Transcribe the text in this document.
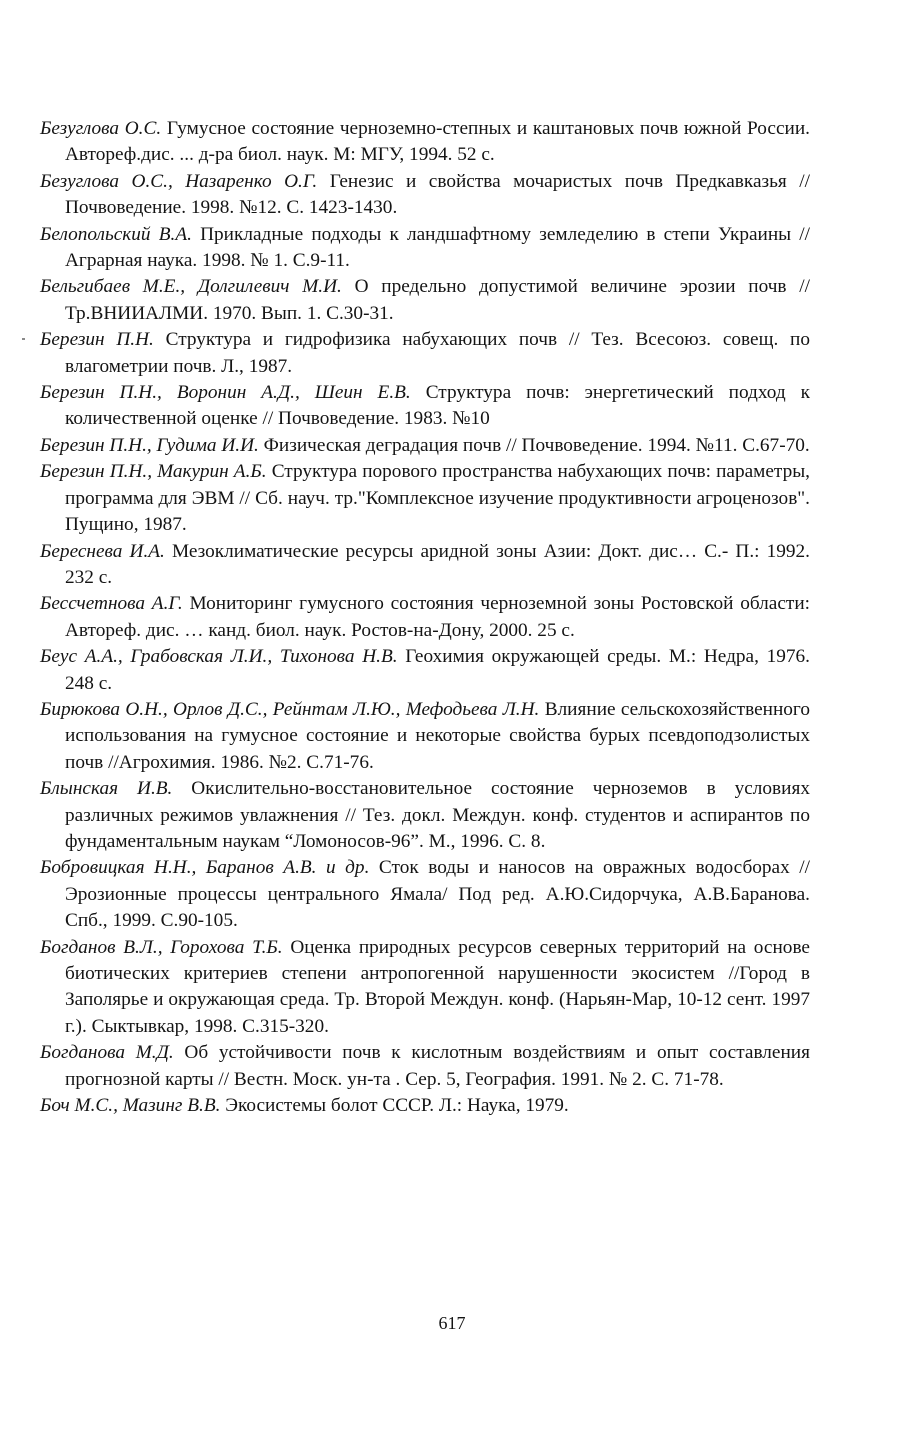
Безуглова О.С. Гумусное состояние черноземно-степных и каштановых почв южной России. Автореф.дис. ... д-ра биол. наук. М: МГУ, 1994. 52 с.
Безуглова О.С., Назаренко О.Г. Генезис и свойства мочаристых почв Предкавказья //Почвоведение. 1998. №12. С. 1423-1430.
Белопольский В.А. Прикладные подходы к ландшафтному земледелию в степи Украины //Аграрная наука. 1998. № 1. С.9-11.
Бельгибаев М.Е., Долгилевич М.И. О предельно допустимой величине эрозии почв // Тр.ВНИИАЛМИ. 1970. Вып. 1. С.30-31.
Березин П.Н. Структура и гидрофизика набухающих почв // Тез. Всесоюз. совещ. по влагометрии почв. Л., 1987.
Березин П.Н., Воронин А.Д., Шеин Е.В. Структура почв: энергетический подход к количественной оценке // Почвоведение. 1983. №10
Березин П.Н., Гудима И.И. Физическая деградация почв // Почвоведение. 1994. №11. С.67-70.
Березин П.Н., Макурин А.Б. Структура порового пространства набухающих почв: параметры, программа для ЭВМ // Сб. науч. тр."Комплексное изучение продуктивности агроценозов". Пущино, 1987.
Береснева И.А. Мезоклиматические ресурсы аридной зоны Азии: Докт. дис… С.- П.: 1992. 232 с.
Бессчетнова А.Г. Мониторинг гумусного состояния черноземной зоны Ростовской области: Автореф. дис. … канд. биол. наук. Ростов-на-Дону, 2000. 25 с.
Беус А.А., Грабовская Л.И., Тихонова Н.В. Геохимия окружающей среды. М.: Недра, 1976. 248 с.
Бирюкова О.Н., Орлов Д.С., Рейнтам Л.Ю., Мефодьева Л.Н. Влияние сельскохозяйственного использования на гумусное состояние и некоторые свойства бурых псевдоподзолистых почв //Агрохимия. 1986. №2. С.71-76.
Блынская И.В. Окислительно-восстановительное состояние черноземов в условиях различных режимов увлажнения // Тез. докл. Междун. конф. студентов и аспирантов по фундаментальным наукам “Ломоносов-96”. М., 1996. С. 8.
Бобровицкая Н.Н., Баранов А.В. и др. Сток воды и наносов на овражных водосборах //Эрозионные процессы центрального Ямала/ Под ред. А.Ю.Сидорчука, А.В.Баранова. Спб., 1999. С.90-105.
Богданов В.Л., Горохова Т.Б. Оценка природных ресурсов северных территорий на основе биотических критериев степени антропогенной нарушенности экосистем //Город в Заполярье и окружающая среда. Тр. Второй Междун. конф. (Нарьян-Мар, 10-12 сент. 1997 г.). Сыктывкар, 1998. С.315-320.
Богданова М.Д. Об устойчивости почв к кислотным воздействиям и опыт составления прогнозной карты // Вестн. Моск. ун-та . Сер. 5, География. 1991. № 2. С. 71-78.
Боч М.С., Мазинг В.В. Экосистемы болот СССР. Л.: Наука, 1979.
617
